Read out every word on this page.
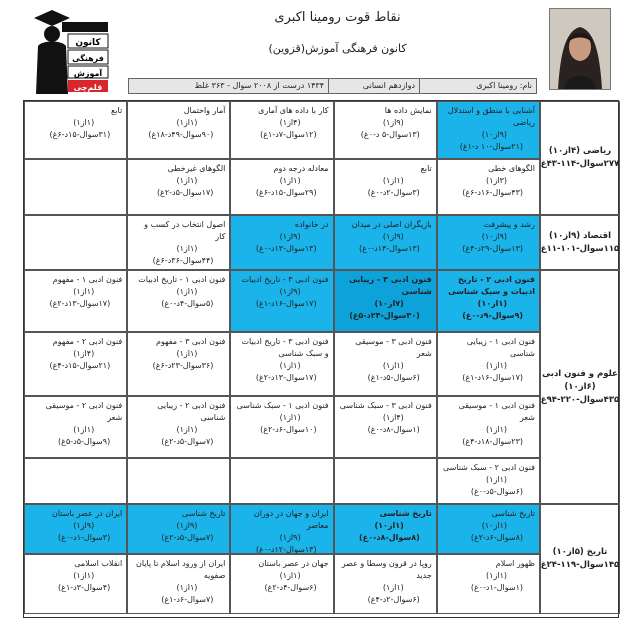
کانون
فرهنگی
آموزش
قلم‌چی
نقاط قوت رومینا اکبری
کانون فرهنگی آموزش(قزوین)
نام: رومینا اکبری
دوازدهم انسانی
۱۴۳۴ درست از ۲۰۰۸ سوال - ۳۶۳ غلط
ریاضی (۴از۱۰) ۲۷۷سوال-۱۱۴-۴۳غ
آشنایی با منطق و استدلال ریاضی
(۹از۱۰)
(۲۱سوال-۱۰ د-۱غ)
نمایش داده ها
(۹از۱)
(۱۳سوال-۵ د-۰غ)
کار با داده های آماری
(۴از۱)
(۱۲سوال-۷د-۱غ)
آمار واحتمال
(۱از۱)
(۹۰سوال-۴۹د-۱۸غ)
تابع
(۱از۱)
(۳۱سوال-۱۵د-۶غ)
الگوهای خطی
(۳از۱)
(۴۳سوال-۱۶د-۶غ)
تابع
(۱از۱)
(۳سوال-۲د-۰غ)
معادله درجه دوم
(۱از۱)
(۲۹سوال-۱۵د-۶غ)
الگوهای غیرخطی
(۱از۱)
(۱۷سوال-۵د-۲غ)
اقتصاد (۹از۱۰) ۱۱۵سوال-۱۰۱-۱۱غ
رشد و پیشرفت
(۹از۱۰)
(۱۳سوال-۲۹د-۴غ)
بازیگران اصلی در میدان
(۹از۱)
(۱۳سوال-۱۴د-۰غ)
در خانواده
(۹از۱)
(۱۳سوال-۱۳د-۰غ)
اصول انتخاب در کسب و کار
(۱از۱)
(۴۴سوال-۳۶د-۶غ)
علوم و فنون ادبی (۶از۱۰) ۴۳۵سوال-۲۲۰-۹۴غ
فنون ادبی ۲ - تاریخ ادبیات و سبک شناسی
(۱از۱۰)
(۹سوال-۹د-۰غ)
فنون ادبی ۳ - زیبایی شناسی
(۷از۱۰)
(۳۰سوال-۲۴د-۵غ)
فنون ادبی ۳ - تاریخ ادبیات
(۹از۱)
(۱۷سوال-۱۶د-۱غ)
فنون ادبی ۱ - تاریخ ادبیات
(۱از۱)
(۵سوال-۴د-۰غ)
فنون ادبی ۱ - مفهوم
(۱از۱)
(۱۷سوال-۱۳د-۲غ)
فنون ادبی ۱ - زیبایی شناسی
(۱از۱)
(۱۷سوال-۱۶د-۱غ)
فنون ادبی ۳ - موسیقی شعر
(۱از۱)
(۶سوال-۵د-۱غ)
فنون ادبی ۳ - تاریخ ادبیات و سبک شناسی
(۱از۱)
(۱۷سوال-۱۳د-۲غ)
فنون ادبی ۳ - مفهوم
(۱از۱)
(۳۶سوال-۲۳د-۶غ)
فنون ادبی ۲ - مفهوم
(۴از۱)
(۲۱سوال-۱۵د-۴غ)
فنون ادبی ۱ - موسیقی شعر
(۱از۱)
(۲۳سوال-۱۸د-۴غ)
فنون ادبی ۳ - سبک شناسی
(۴از۱)
(۱سوال-۸د-۰غ)
فنون ادبی ۱ - سبک شناسی
(۱از۱)
(۱۰سوال-۶د-۲غ)
فنون ادبی ۲ - زیبایی شناسی
(۱از۱)
(۷سوال-۵د-۲غ)
فنون ادبی ۲ - موسیقی شعر
(۱از۱)
(۹سوال-۵د-۵غ)
فنون ادبی ۲ - سبک شناسی
(۱از۱)
(۶سوال-۵د-۰غ)
تاریخ (۵از۱۰) ۱۴۵سوال-۱۱۹-۲۴غ
تاریخ شناسی
(۱از۱۰)
(۸سوال-۶د-۲غ)
تاریخ شناسی
(۱از۱۰)
(۸سوال-۸د-۰غ)
ایران و جهان در دوران معاصر
(۹از۱)
(۱۳سوال-۱۲د-۰غ)
تاریخ شناسی
(۹از۱)
(۷سوال-۵د-۲غ)
ایران در عصر باستان
(۹از۱)
(۳سوال-۱د-۰غ)
ظهور اسلام
(۱از۱)
(۱سوال-۱د-۰غ)
روپا در قرون وسطا و عصر جدید
(۱از۱)
(۶سوال-۲د-۴غ)
جهان در عصر باستان
(۱از۱)
(۶سوال-۴د-۲غ)
ایران از ورود اسلام تا پایان صفویه
(۱از۱)
(۷سوال-۶د-۱غ)
انقلاب اسلامی
(۱از۱)
(۴سوال-۳د-۱غ)
